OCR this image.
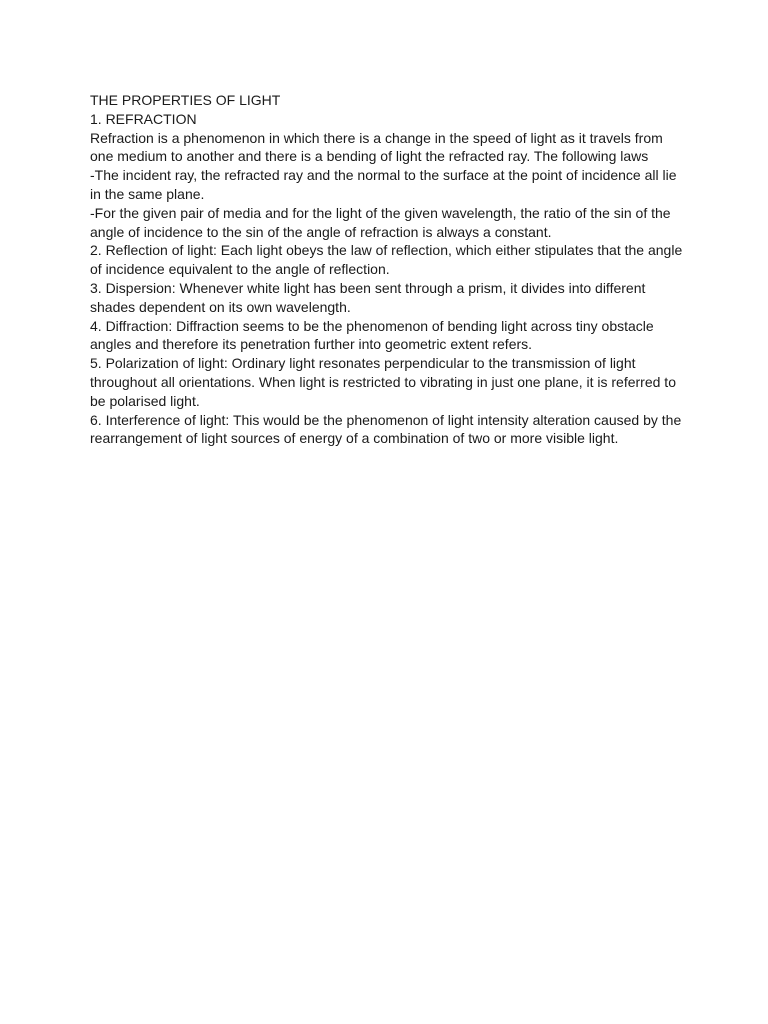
THE PROPERTIES OF LIGHT
1. REFRACTION
Refraction is a phenomenon in which there is a change in the speed of light as it travels from
one medium to another and there is a bending of light the refracted ray. The following laws
-The incident ray, the refracted ray and the normal to the surface at the point of incidence all lie
in the same plane.
-For the given pair of media and for the light of the given wavelength, the ratio of the sin of the
angle of incidence to the sin of the angle of refraction is always a constant.
2. Reflection of light: Each light obeys the law of reflection, which either stipulates that the angle
of incidence equivalent to the angle of reflection.
3. Dispersion: Whenever white light has been sent through a prism, it divides into different
shades dependent on its own wavelength.
4. Diffraction: Diffraction seems to be the phenomenon of bending light across tiny obstacle
angles and therefore its penetration further into geometric extent refers.
5. Polarization of light: Ordinary light resonates perpendicular to the transmission of light
throughout all orientations. When light is restricted to vibrating in just one plane, it is referred to
be polarised light.
6. Interference of light: This would be the phenomenon of light intensity alteration caused by the
rearrangement of light sources of energy of a combination of two or more visible light.
